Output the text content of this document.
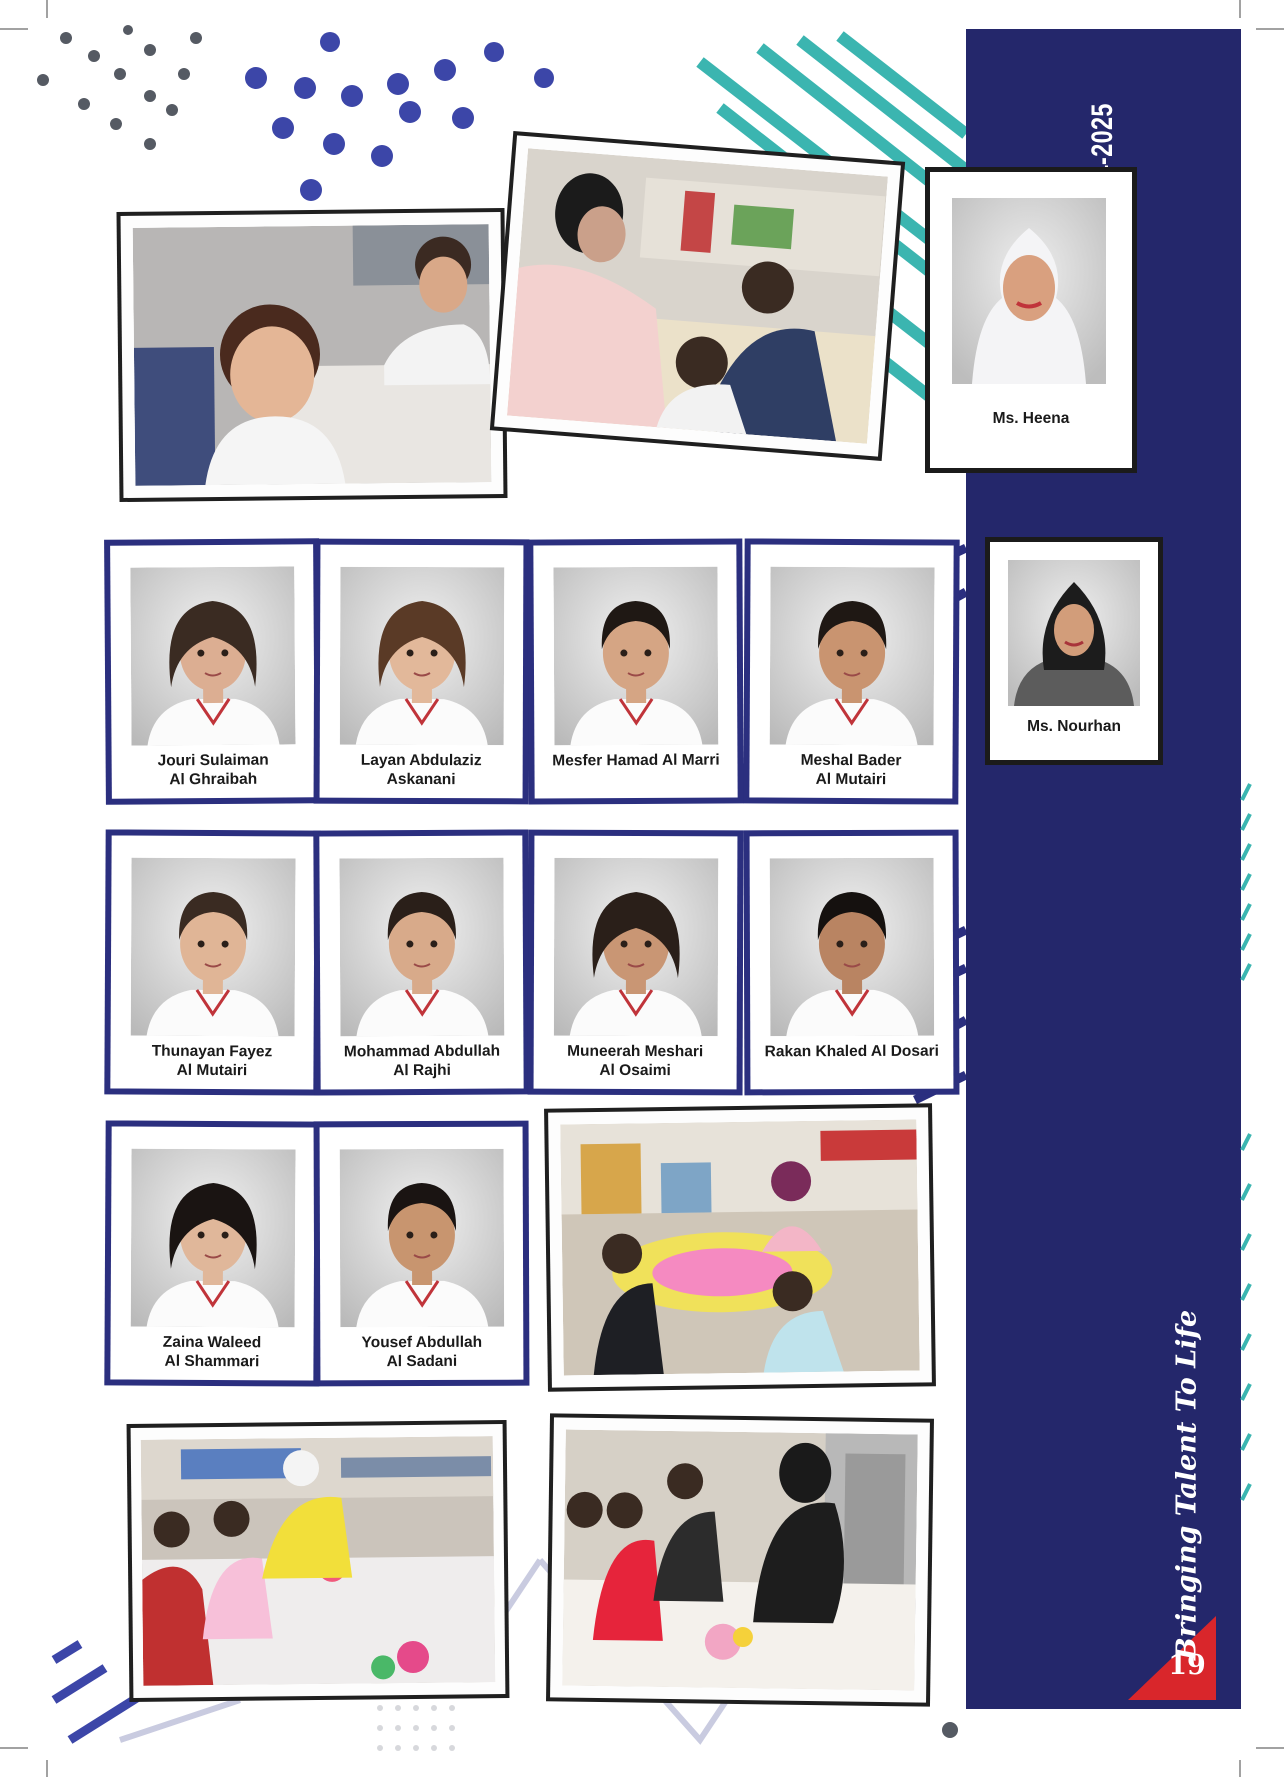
2024-2025
Bringing Talent To Life
19
Ms. Heena
Ms. Nourhan
Jouri Sulaiman
Al Ghraibah
Layan Abdulaziz
Askanani
Mesfer Hamad Al Marri	Meshal Bader
Al Mutairi
Thunayan Fayez
Al Mutairi
Mohammad Abdullah
Al Rajhi
Muneerah Meshari
Al Osaimi
Rakan Khaled Al Dosari
Zaina Waleed
Al Shammari
Yousef Abdullah
Al Sadani
